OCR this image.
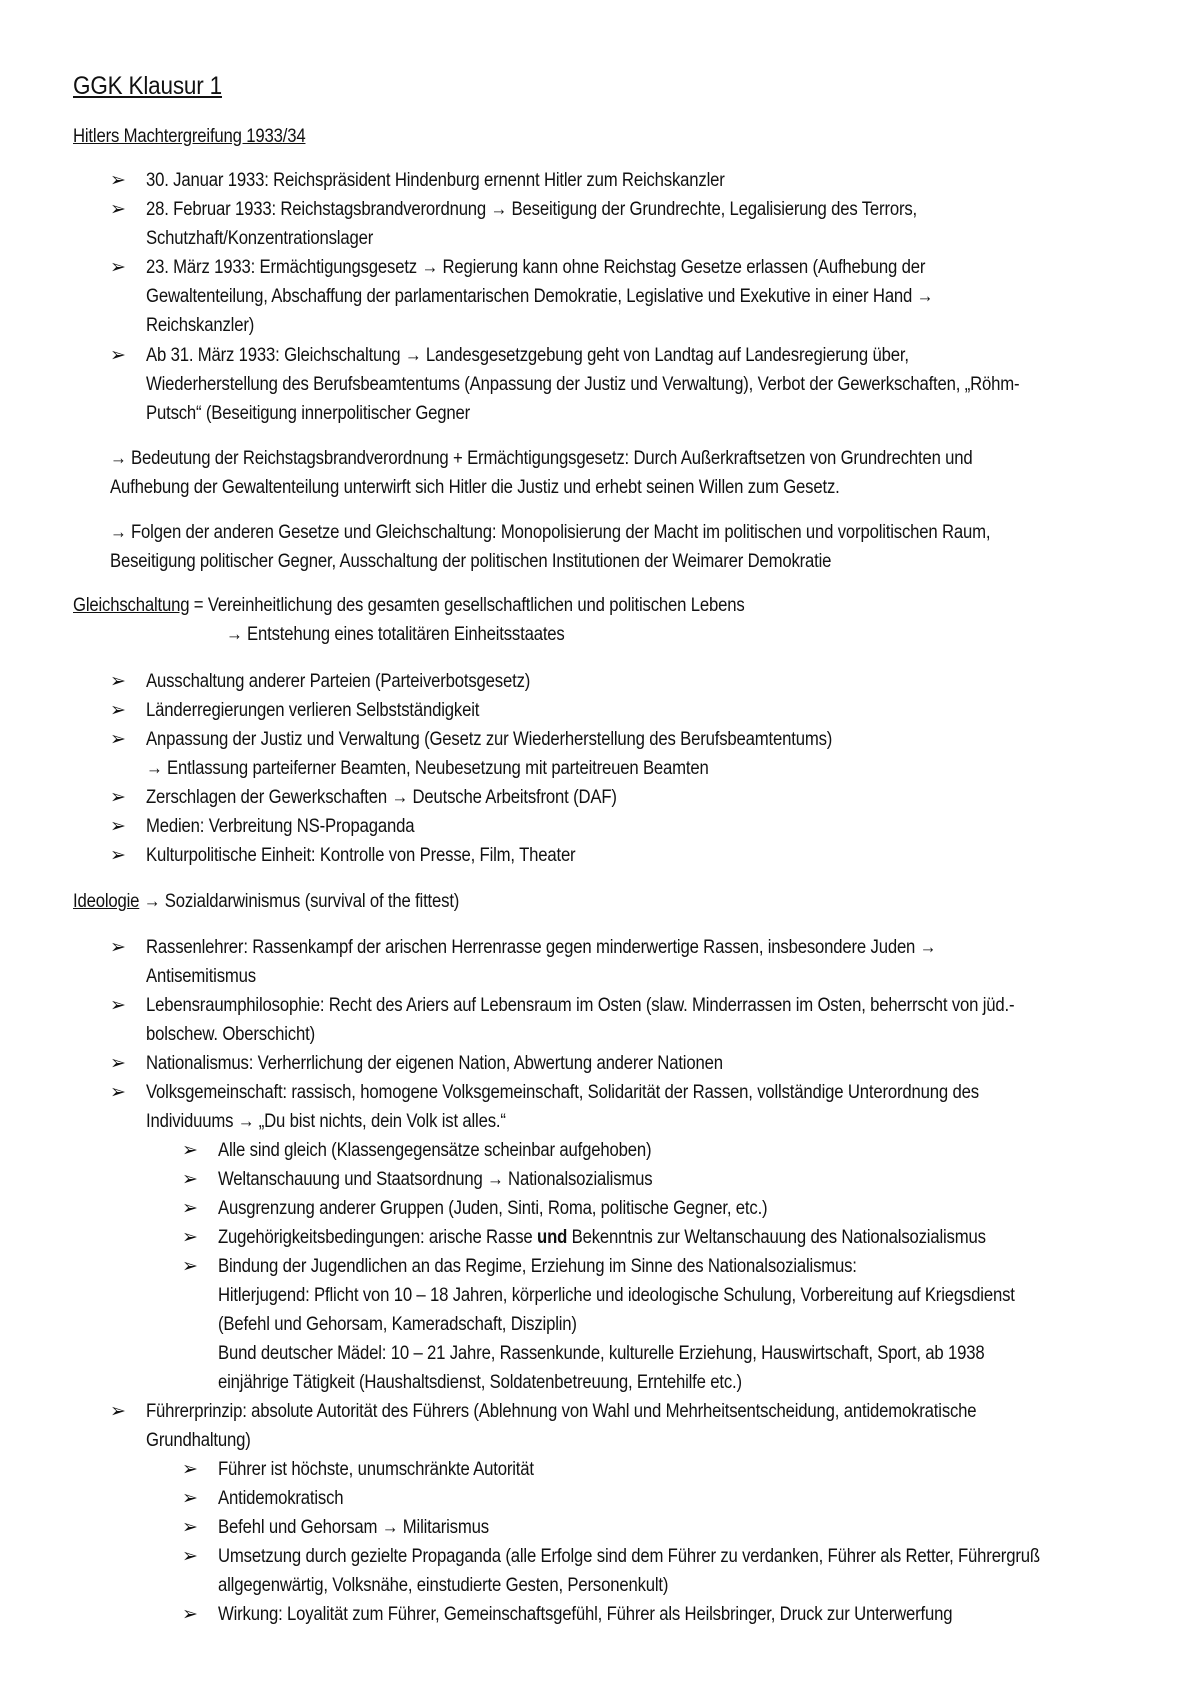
GGK Klausur 1
Hitlers Machtergreifung 1933/34
➢ 30. Januar 1933: Reichspräsident Hindenburg ernennt Hitler zum Reichskanzler
➢ 28. Februar 1933: Reichstagsbrandverordnung → Beseitigung der Grundrechte, Legalisierung des Terrors,
Schutzhaft/Konzentrationslager
➢ 23. März 1933: Ermächtigungsgesetz → Regierung kann ohne Reichstag Gesetze erlassen (Aufhebung der
Gewaltenteilung, Abschaffung der parlamentarischen Demokratie, Legislative und Exekutive in einer Hand →
Reichskanzler)
➢ Ab 31. März 1933: Gleichschaltung → Landesgesetzgebung geht von Landtag auf Landesregierung über,
Wiederherstellung des Berufsbeamtentums (Anpassung der Justiz und Verwaltung), Verbot der Gewerkschaften, „Röhm-
Putsch“ (Beseitigung innerpolitischer Gegner
→ Bedeutung der Reichstagsbrandverordnung + Ermächtigungsgesetz: Durch Außerkraftsetzen von Grundrechten und
Aufhebung der Gewaltenteilung unterwirft sich Hitler die Justiz und erhebt seinen Willen zum Gesetz.
→ Folgen der anderen Gesetze und Gleichschaltung: Monopolisierung der Macht im politischen und vorpolitischen Raum,
Beseitigung politischer Gegner, Ausschaltung der politischen Institutionen der Weimarer Demokratie
Gleichschaltung = Vereinheitlichung des gesamten gesellschaftlichen und politischen Lebens
→ Entstehung eines totalitären Einheitsstaates
➢ Ausschaltung anderer Parteien (Parteiverbotsgesetz)
➢ Länderregierungen verlieren Selbstständigkeit
➢ Anpassung der Justiz und Verwaltung (Gesetz zur Wiederherstellung des Berufsbeamtentums)
→ Entlassung parteiferner Beamten, Neubesetzung mit parteitreuen Beamten
➢ Zerschlagen der Gewerkschaften → Deutsche Arbeitsfront (DAF)
➢ Medien: Verbreitung NS-Propaganda
➢ Kulturpolitische Einheit: Kontrolle von Presse, Film, Theater
Ideologie → Sozialdarwinismus (survival of the fittest)
➢ Rassenlehrer: Rassenkampf der arischen Herrenrasse gegen minderwertige Rassen, insbesondere Juden →
Antisemitismus
➢ Lebensraumphilosophie: Recht des Ariers auf Lebensraum im Osten (slaw. Minderrassen im Osten, beherrscht von jüd.-
bolschew. Oberschicht)
➢ Nationalismus: Verherrlichung der eigenen Nation, Abwertung anderer Nationen
➢ Volksgemeinschaft: rassisch, homogene Volksgemeinschaft, Solidarität der Rassen, vollständige Unterordnung des
Individuums → „Du bist nichts, dein Volk ist alles.“
➢ Alle sind gleich (Klassengegensätze scheinbar aufgehoben)
➢ Weltanschauung und Staatsordnung → Nationalsozialismus
➢ Ausgrenzung anderer Gruppen (Juden, Sinti, Roma, politische Gegner, etc.)
➢ Zugehörigkeitsbedingungen: arische Rasse und Bekenntnis zur Weltanschauung des Nationalsozialismus
➢ Bindung der Jugendlichen an das Regime, Erziehung im Sinne des Nationalsozialismus:
Hitlerjugend: Pflicht von 10 – 18 Jahren, körperliche und ideologische Schulung, Vorbereitung auf Kriegsdienst
(Befehl und Gehorsam, Kameradschaft, Disziplin)
Bund deutscher Mädel: 10 – 21 Jahre, Rassenkunde, kulturelle Erziehung, Hauswirtschaft, Sport, ab 1938
einjährige Tätigkeit (Haushaltsdienst, Soldatenbetreuung, Erntehilfe etc.)
➢ Führerprinzip: absolute Autorität des Führers (Ablehnung von Wahl und Mehrheitsentscheidung, antidemokratische
Grundhaltung)
➢ Führer ist höchste, unumschränkte Autorität
➢ Antidemokratisch
➢ Befehl und Gehorsam → Militarismus
➢ Umsetzung durch gezielte Propaganda (alle Erfolge sind dem Führer zu verdanken, Führer als Retter, Führergruß
allgegenwärtig, Volksnähe, einstudierte Gesten, Personenkult)
➢ Wirkung: Loyalität zum Führer, Gemeinschaftsgefühl, Führer als Heilsbringer, Druck zur Unterwerfung
